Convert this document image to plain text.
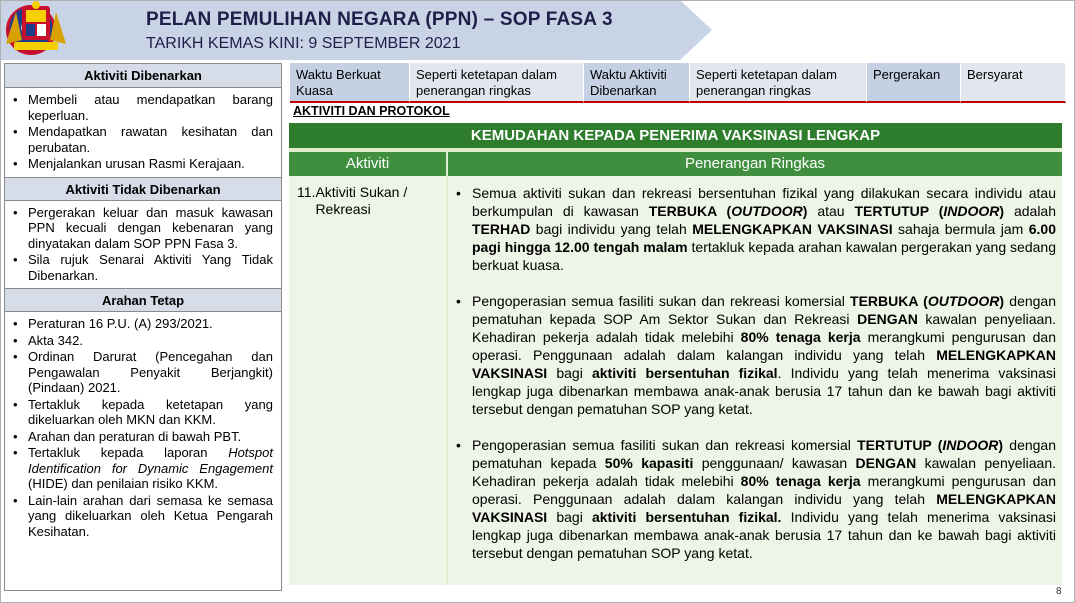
PELAN PEMULIHAN NEGARA (PPN) – SOP FASA 3
TARIKH KEMAS KINI: 9 SEPTEMBER 2021
Aktiviti Dibenarkan
• Membeli atau mendapatkan barang keperluan.
• Mendapatkan rawatan kesihatan dan perubatan.
• Menjalankan urusan Rasmi Kerajaan.
Aktiviti Tidak Dibenarkan
• Pergerakan keluar dan masuk kawasan PPN kecuali dengan kebenaran yang dinyatakan dalam SOP PPN Fasa 3.
• Sila rujuk Senarai Aktiviti Yang Tidak Dibenarkan.
Arahan Tetap
• Peraturan 16 P.U. (A) 293/2021.
• Akta 342.
• Ordinan Darurat (Pencegahan dan Pengawalan Penyakit Berjangkit) (Pindaan) 2021.
• Tertakluk kepada ketetapan yang dikeluarkan oleh MKN dan KKM.
• Arahan dan peraturan di bawah PBT.
• Tertakluk kepada laporan Hotspot Identification for Dynamic Engagement (HIDE) dan penilaian risiko KKM.
• Lain-lain arahan dari semasa ke semasa yang dikeluarkan oleh Ketua Pengarah Kesihatan.
Waktu Berkuat Kuasa
Seperti ketetapan dalam penerangan ringkas
Waktu Aktiviti Dibenarkan
Seperti ketetapan dalam penerangan ringkas
Pergerakan	Bersyarat
AKTIVITI DAN PROTOKOL
KEMUDAHAN KEPADA PENERIMA VAKSINASI LENGKAP
Aktiviti	Penerangan Ringkas
11. Aktiviti Sukan / Rekreasi
• Semua aktiviti sukan dan rekreasi bersentuhan fizikal yang dilakukan secara individu atau berkumpulan di kawasan TERBUKA (OUTDOOR) atau TERTUTUP (INDOOR) adalah TERHAD bagi individu yang telah MELENGKAPKAN VAKSINASI sahaja bermula jam 6.00 pagi hingga 12.00 tengah malam tertakluk kepada arahan kawalan pergerakan yang sedang berkuat kuasa.
• Pengoperasian semua fasiliti sukan dan rekreasi komersial TERBUKA (OUTDOOR) dengan pematuhan kepada SOP Am Sektor Sukan dan Rekreasi DENGAN kawalan penyeliaan. Kehadiran pekerja adalah tidak melebihi 80% tenaga kerja merangkumi pengurusan dan operasi. Penggunaan adalah dalam kalangan individu yang telah MELENGKAPKAN VAKSINASI bagi aktiviti bersentuhan fizikal. Individu yang telah menerima vaksinasi lengkap juga dibenarkan membawa anak-anak berusia 17 tahun dan ke bawah bagi aktiviti tersebut dengan pematuhan SOP yang ketat.
• Pengoperasian semua fasiliti sukan dan rekreasi komersial TERTUTUP (INDOOR) dengan pematuhan kepada 50% kapasiti penggunaan/ kawasan DENGAN kawalan penyeliaan. Kehadiran pekerja adalah tidak melebihi 80% tenaga kerja merangkumi pengurusan dan operasi. Penggunaan adalah dalam kalangan individu yang telah MELENGKAPKAN VAKSINASI bagi aktiviti bersentuhan fizikal. Individu yang telah menerima vaksinasi lengkap juga dibenarkan membawa anak-anak berusia 17 tahun dan ke bawah bagi aktiviti tersebut dengan pematuhan SOP yang ketat.
8
